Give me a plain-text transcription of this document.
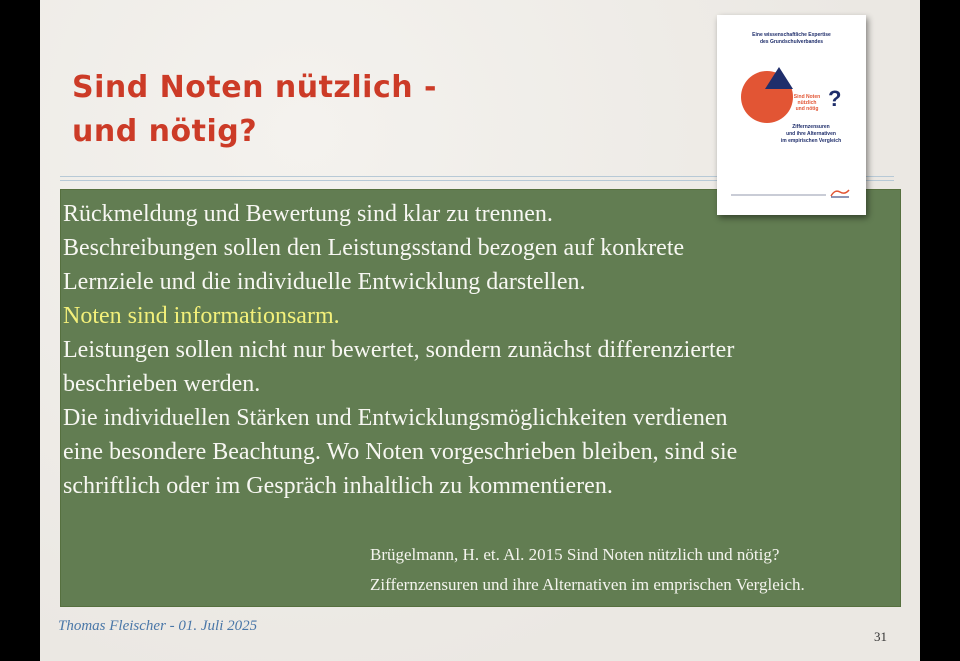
Sind Noten nützlich -
und nötig?
Rückmeldung und Bewertung sind klar zu trennen.
Beschreibungen sollen den Leistungsstand bezogen auf konkrete
Lernziele und die individuelle Entwicklung darstellen.
Noten sind informationsarm.
Leistungen sollen nicht nur bewertet, sondern zunächst differenzierter
beschrieben werden.
Die individuellen Stärken und Entwicklungsmöglichkeiten verdienen
eine besondere Beachtung. Wo Noten vorgeschrieben bleiben, sind sie
schriftlich oder im Gespräch inhaltlich zu kommentieren.
Brügelmann, H. et. Al. 2015 Sind Noten nützlich und nötig?
Ziffernzensuren und ihre Alternativen im emprischen Vergleich.
Eine wissenschaftliche Expertise
des Grundschulverbandes
Sind Noten
nützlich
und nötig ?
Ziffernzensuren
und ihre Alternativen
im empirischen Vergleich

Thomas Fleischer - 01. Juli 2025

31
